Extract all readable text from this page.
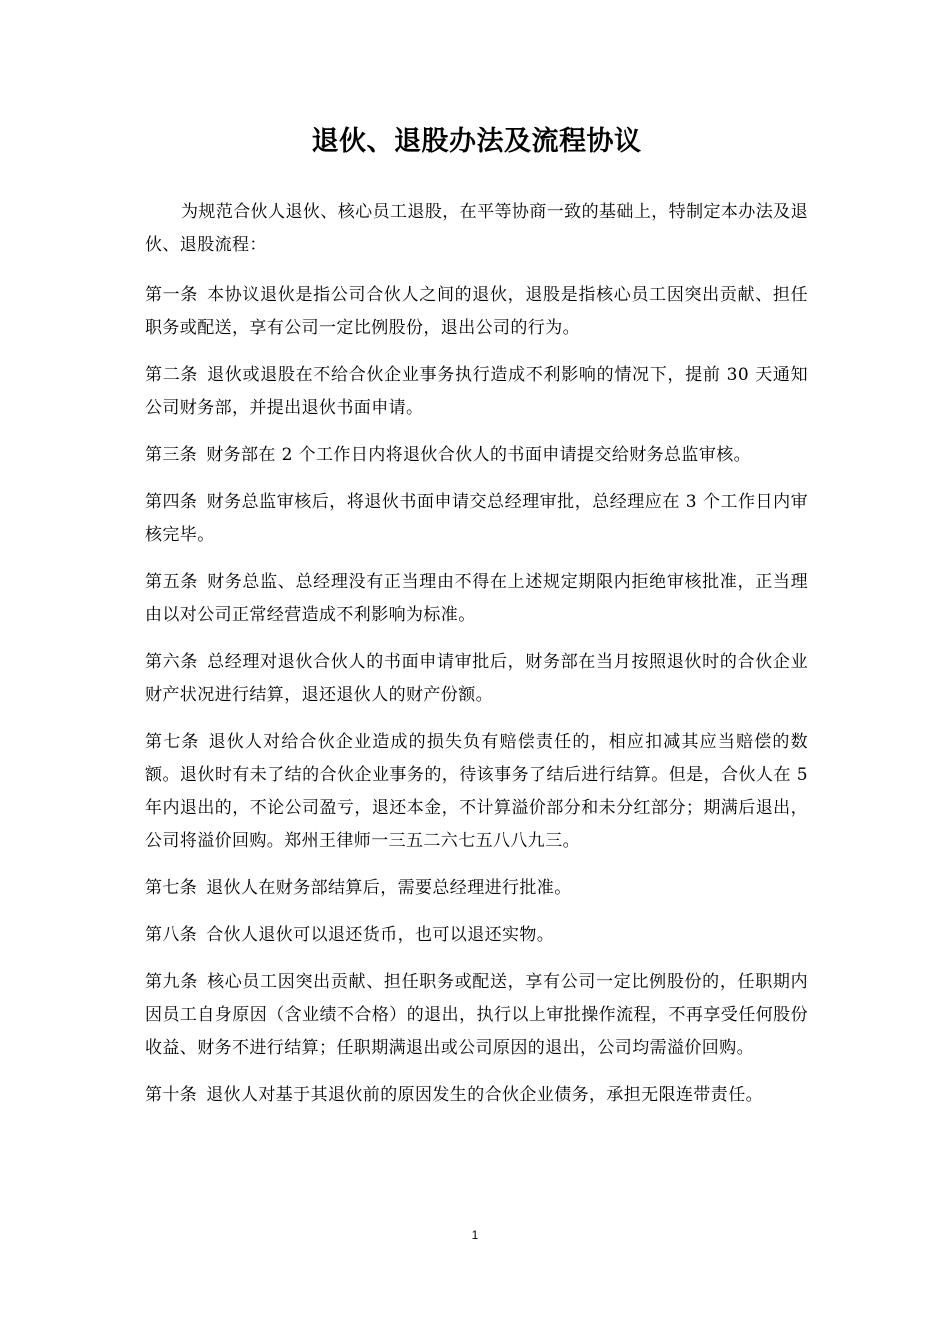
退伙、退股办法及流程协议

为规范合伙人退伙、核心员工退股，在平等协商一致的基础上，特制定本办法及退伙、退股流程：

第一条 本协议退伙是指公司合伙人之间的退伙，退股是指核心员工因突出贡献、担任职务或配送，享有公司一定比例股份，退出公司的行为。
第二条 退伙或退股在不给合伙企业事务执行造成不利影响的情况下，提前 30 天通知公司财务部，并提出退伙书面申请。
第三条 财务部在 2 个工作日内将退伙合伙人的书面申请提交给财务总监审核。
第四条 财务总监审核后，将退伙书面申请交总经理审批，总经理应在 3 个工作日内审核完毕。
第五条 财务总监、总经理没有正当理由不得在上述规定期限内拒绝审核批准，正当理由以对公司正常经营造成不利影响为标准。
第六条 总经理对退伙合伙人的书面申请审批后，财务部在当月按照退伙时的合伙企业财产状况进行结算，退还退伙人的财产份额。
第七条 退伙人对给合伙企业造成的损失负有赔偿责任的，相应扣减其应当赔偿的数额。退伙时有未了结的合伙企业事务的，待该事务了结后进行结算。但是，合伙人在 5 年内退出的，不论公司盈亏，退还本金，不计算溢价部分和未分红部分；期满后退出，公司将溢价回购。郑州王律师一三五二六七五八八九三。
第七条 退伙人在财务部结算后，需要总经理进行批准。
第八条 合伙人退伙可以退还货币，也可以退还实物。
第九条 核心员工因突出贡献、担任职务或配送，享有公司一定比例股份的，任职期内因员工自身原因（含业绩不合格）的退出，执行以上审批操作流程，不再享受任何股份收益、财务不进行结算；任职期满退出或公司原因的退出，公司均需溢价回购。
第十条 退伙人对基于其退伙前的原因发生的合伙企业债务，承担无限连带责任。
1
